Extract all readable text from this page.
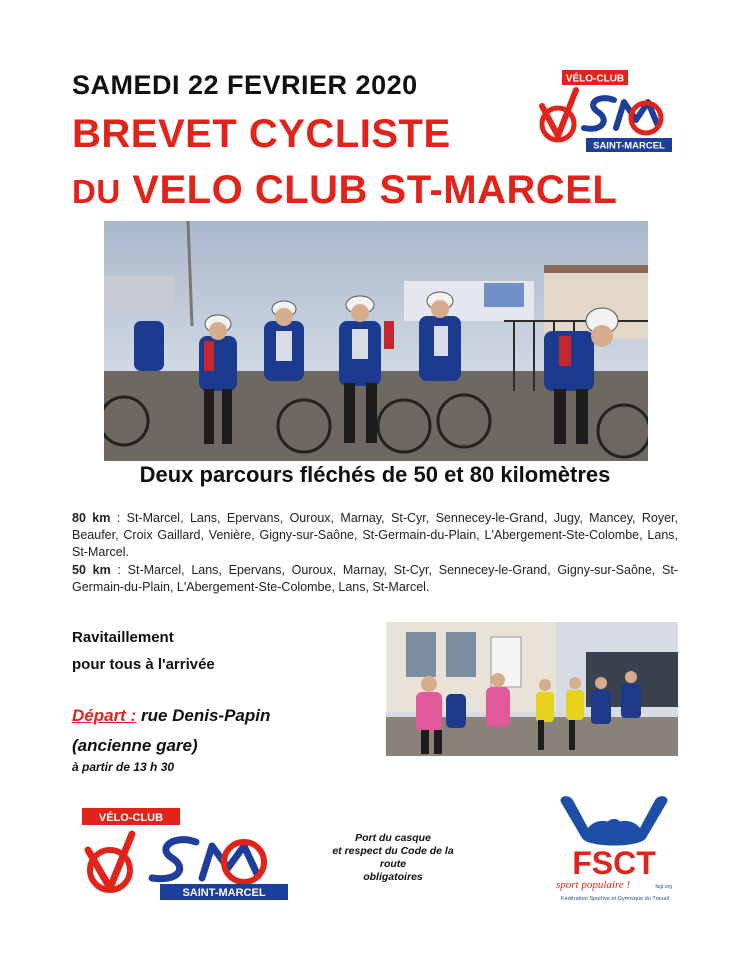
SAMEDI 22 FEVRIER 2020
BREVET CYCLISTE
DU VELO CLUB ST-MARCEL
VÉLO-CLUB
SAINT-MARCEL
Deux parcours fléchés de 50 et 80 kilomètres
80 km : St-Marcel, Lans, Epervans, Ouroux, Marnay, St-Cyr, Sennecey-le-Grand, Jugy, Mancey, Royer, Beaufer, Croix Gaillard, Venière, Gigny-sur-Saône, St-Germain-du-Plain, L'Abergement-Ste-Colombe, Lans, St-Marcel.
50 km : St-Marcel, Lans, Epervans, Ouroux, Marnay, St-Cyr, Sennecey-le-Grand, Gigny-sur-Saône, St-Germain-du-Plain, L'Abergement-Ste-Colombe, Lans, St-Marcel.
Ravitaillement
pour tous à l'arrivée
Départ : rue Denis-Papin
(ancienne gare)
à partir de 13 h 30
VÉLO-CLUB
SAINT-MARCEL
Port du casque
et respect du Code de la route
obligatoires	FSCT
sport populaire !	fsgt.org
Fédération Sportive et Gymnique du Travail
